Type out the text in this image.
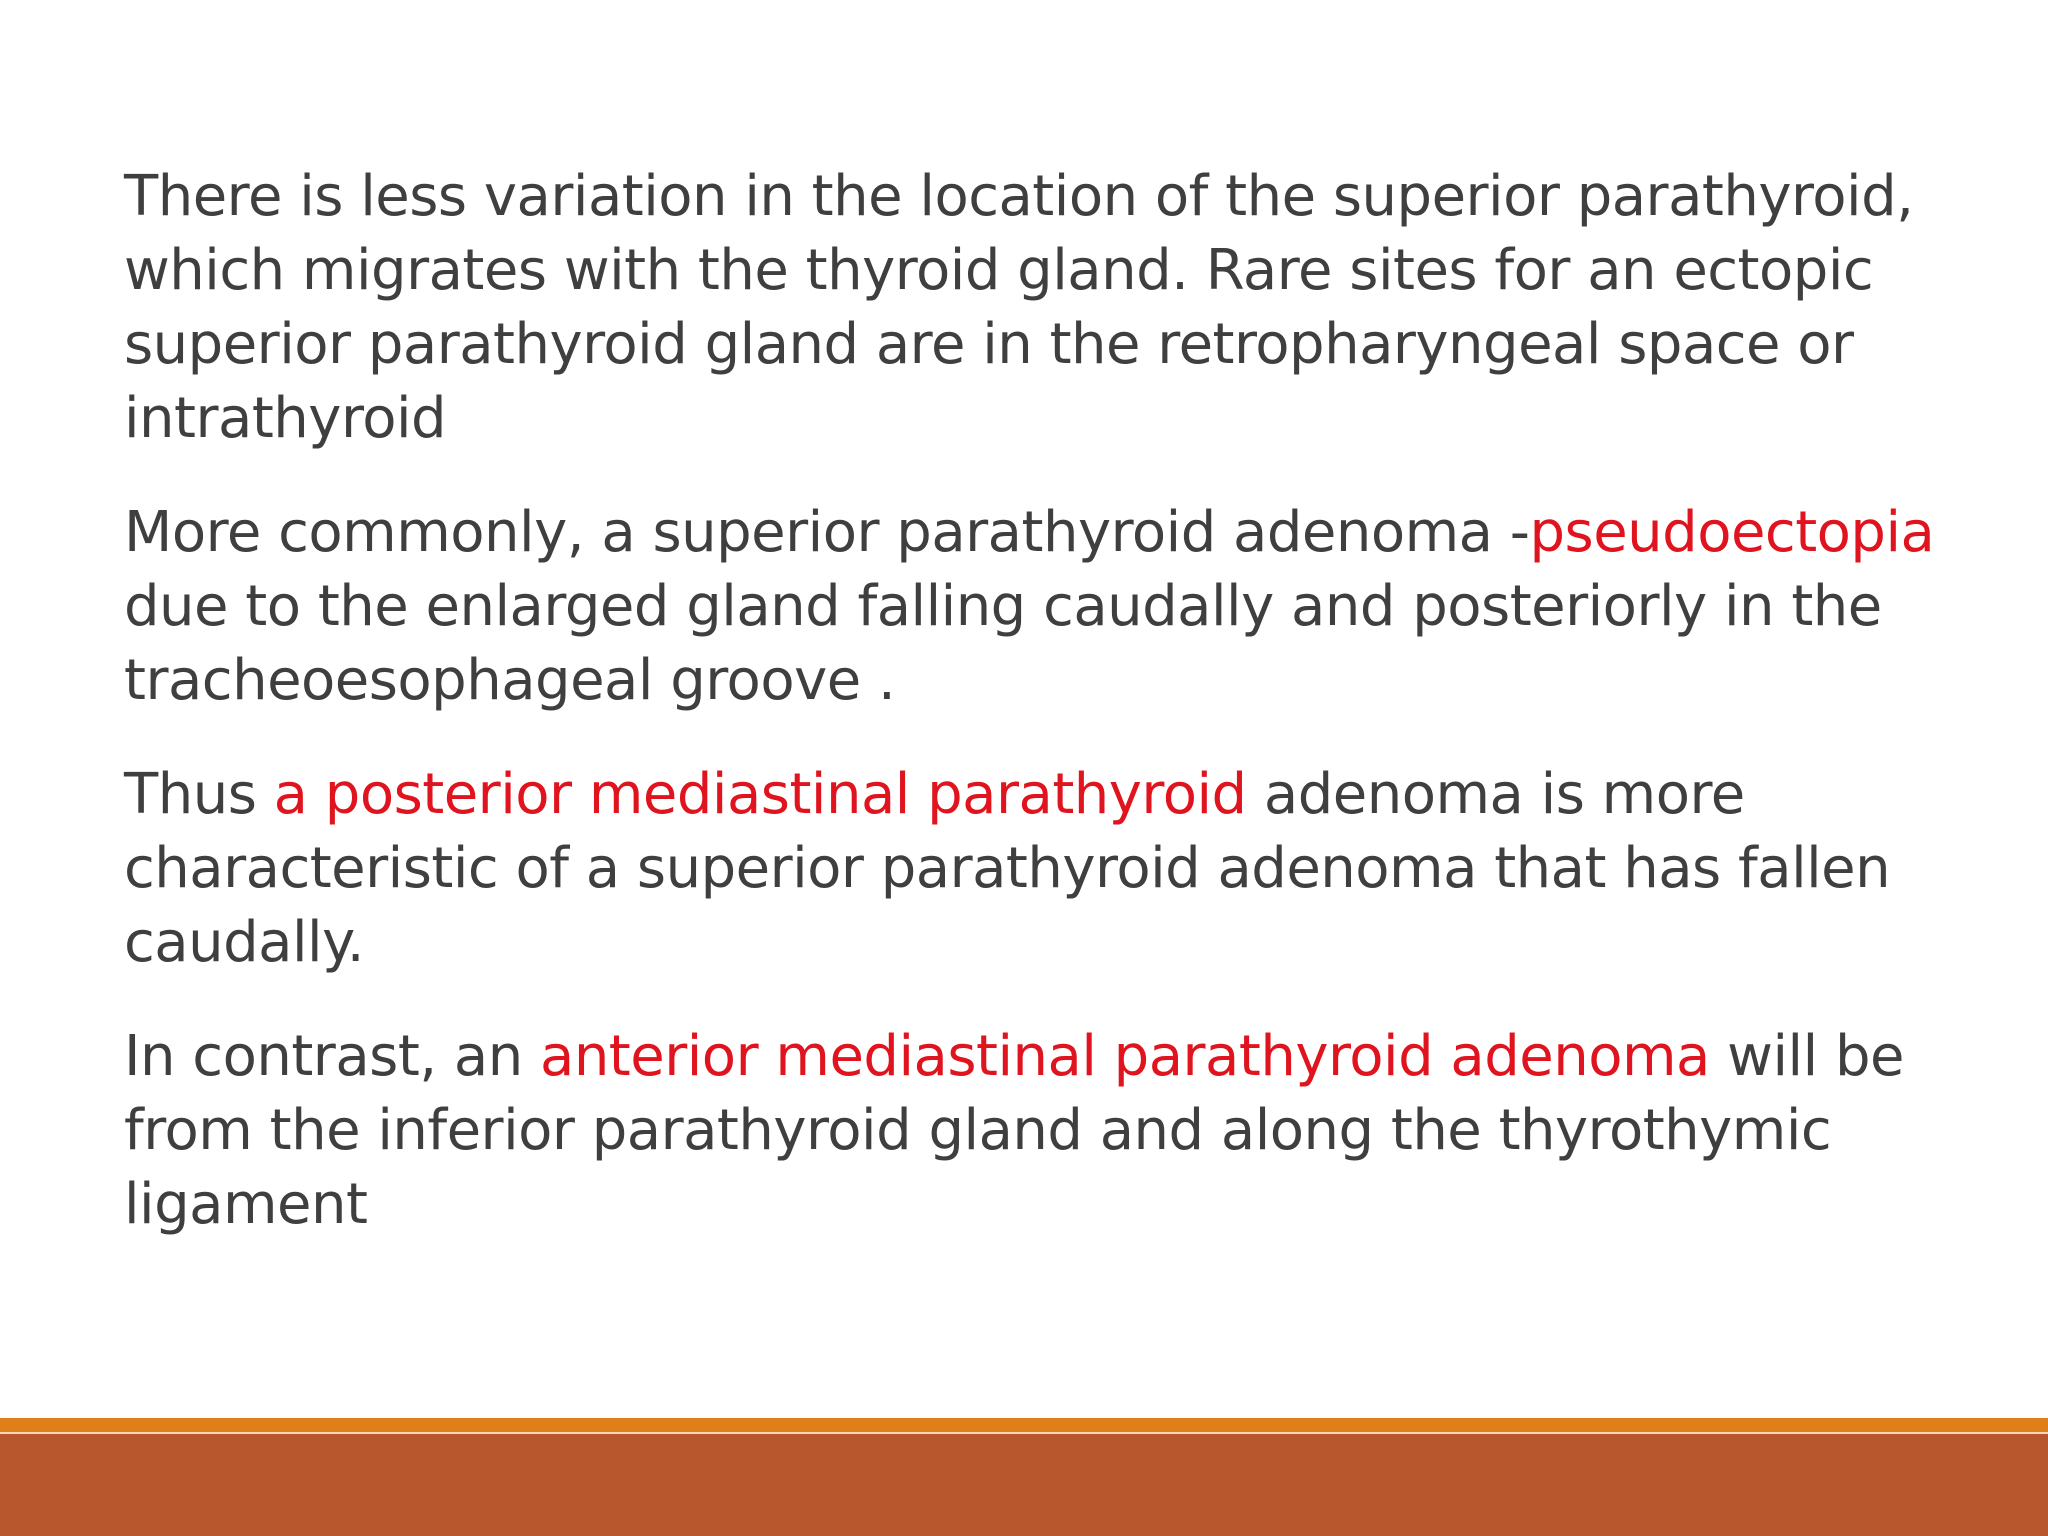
There is less variation in the location of the superior parathyroid, which migrates with the thyroid gland. Rare sites for an ectopic superior parathyroid gland are in the retropharyngeal space or intrathyroid

More commonly, a superior parathyroid adenoma -pseudoectopia due to the enlarged gland falling caudally and posteriorly in the tracheoesophageal groove .

Thus a posterior mediastinal parathyroid adenoma is more characteristic of a superior parathyroid adenoma that has fallen caudally.

In contrast, an anterior mediastinal parathyroid adenoma will be from the inferior parathyroid gland and along the thyrothymic ligament
